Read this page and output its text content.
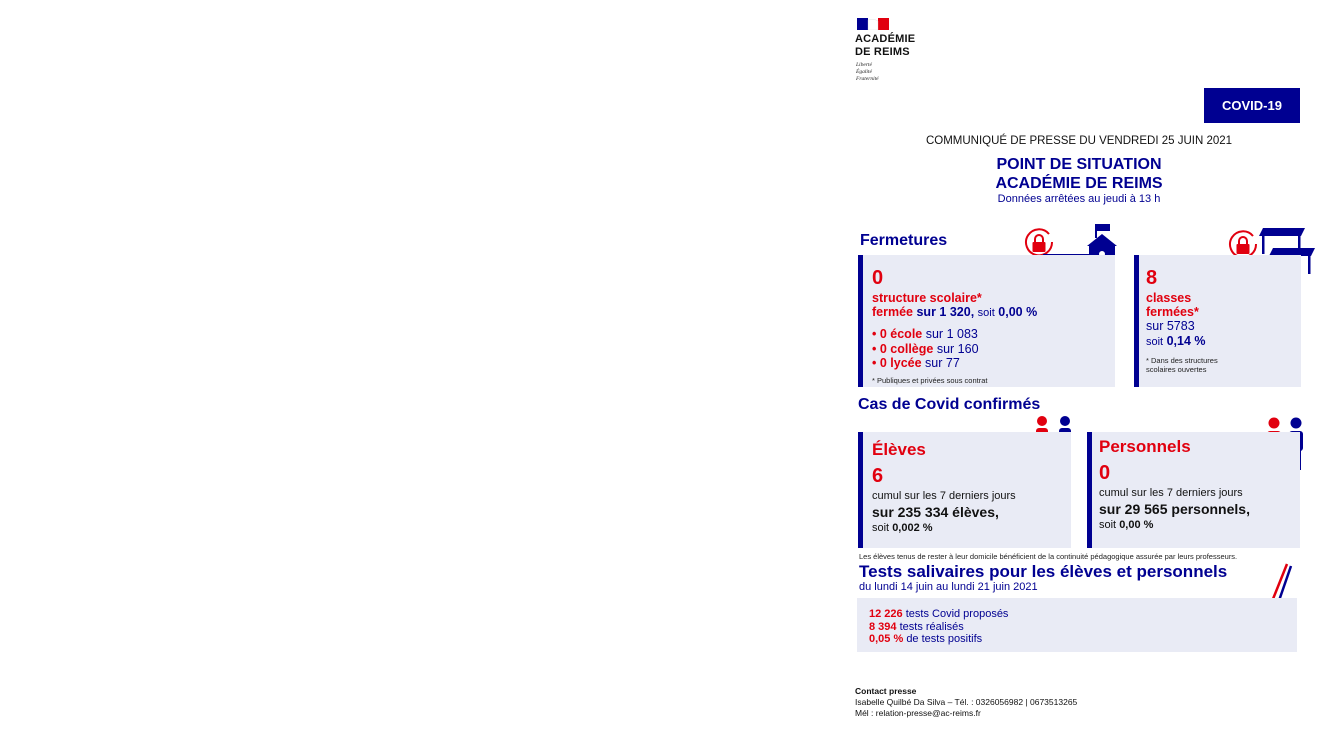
ACADÉMIE
DE REIMS
Liberté
Égalité
Fraternité
COVID-19
COMMUNIQUÉ DE PRESSE DU VENDREDI 25 JUIN 2021
POINT DE SITUATION
ACADÉMIE DE REIMS
Données arrêtées au jeudi à 13 h
Fermetures
0
structure scolaire*
fermée sur 1 320, soit 0,00 %
• 0 école sur 1 083
• 0 collège sur 160
• 0 lycée sur 77
* Publiques et privées sous contrat
8
classes
fermées*
sur 5783
soit 0,14 %
* Dans des structures
scolaires ouvertes
Cas de Covid confirmés
Élèves
6
cumul sur les 7 derniers jours
sur 235 334 élèves,
soit 0,002 %
Personnels
0
cumul sur les 7 derniers jours
sur 29 565 personnels,
soit 0,00 %
Les élèves tenus de rester à leur domicile bénéficient de la continuité pédagogique assurée par leurs professeurs.
Tests salivaires pour les élèves et personnels
du lundi 14 juin au lundi 21 juin 2021
12 226 tests Covid proposés
8 394 tests réalisés
0,05 % de tests positifs
Contact presse
Isabelle Quilbé Da Silva – Tél. : 0326056982 | 0673513265
Mél : relation-presse@ac-reims.fr
